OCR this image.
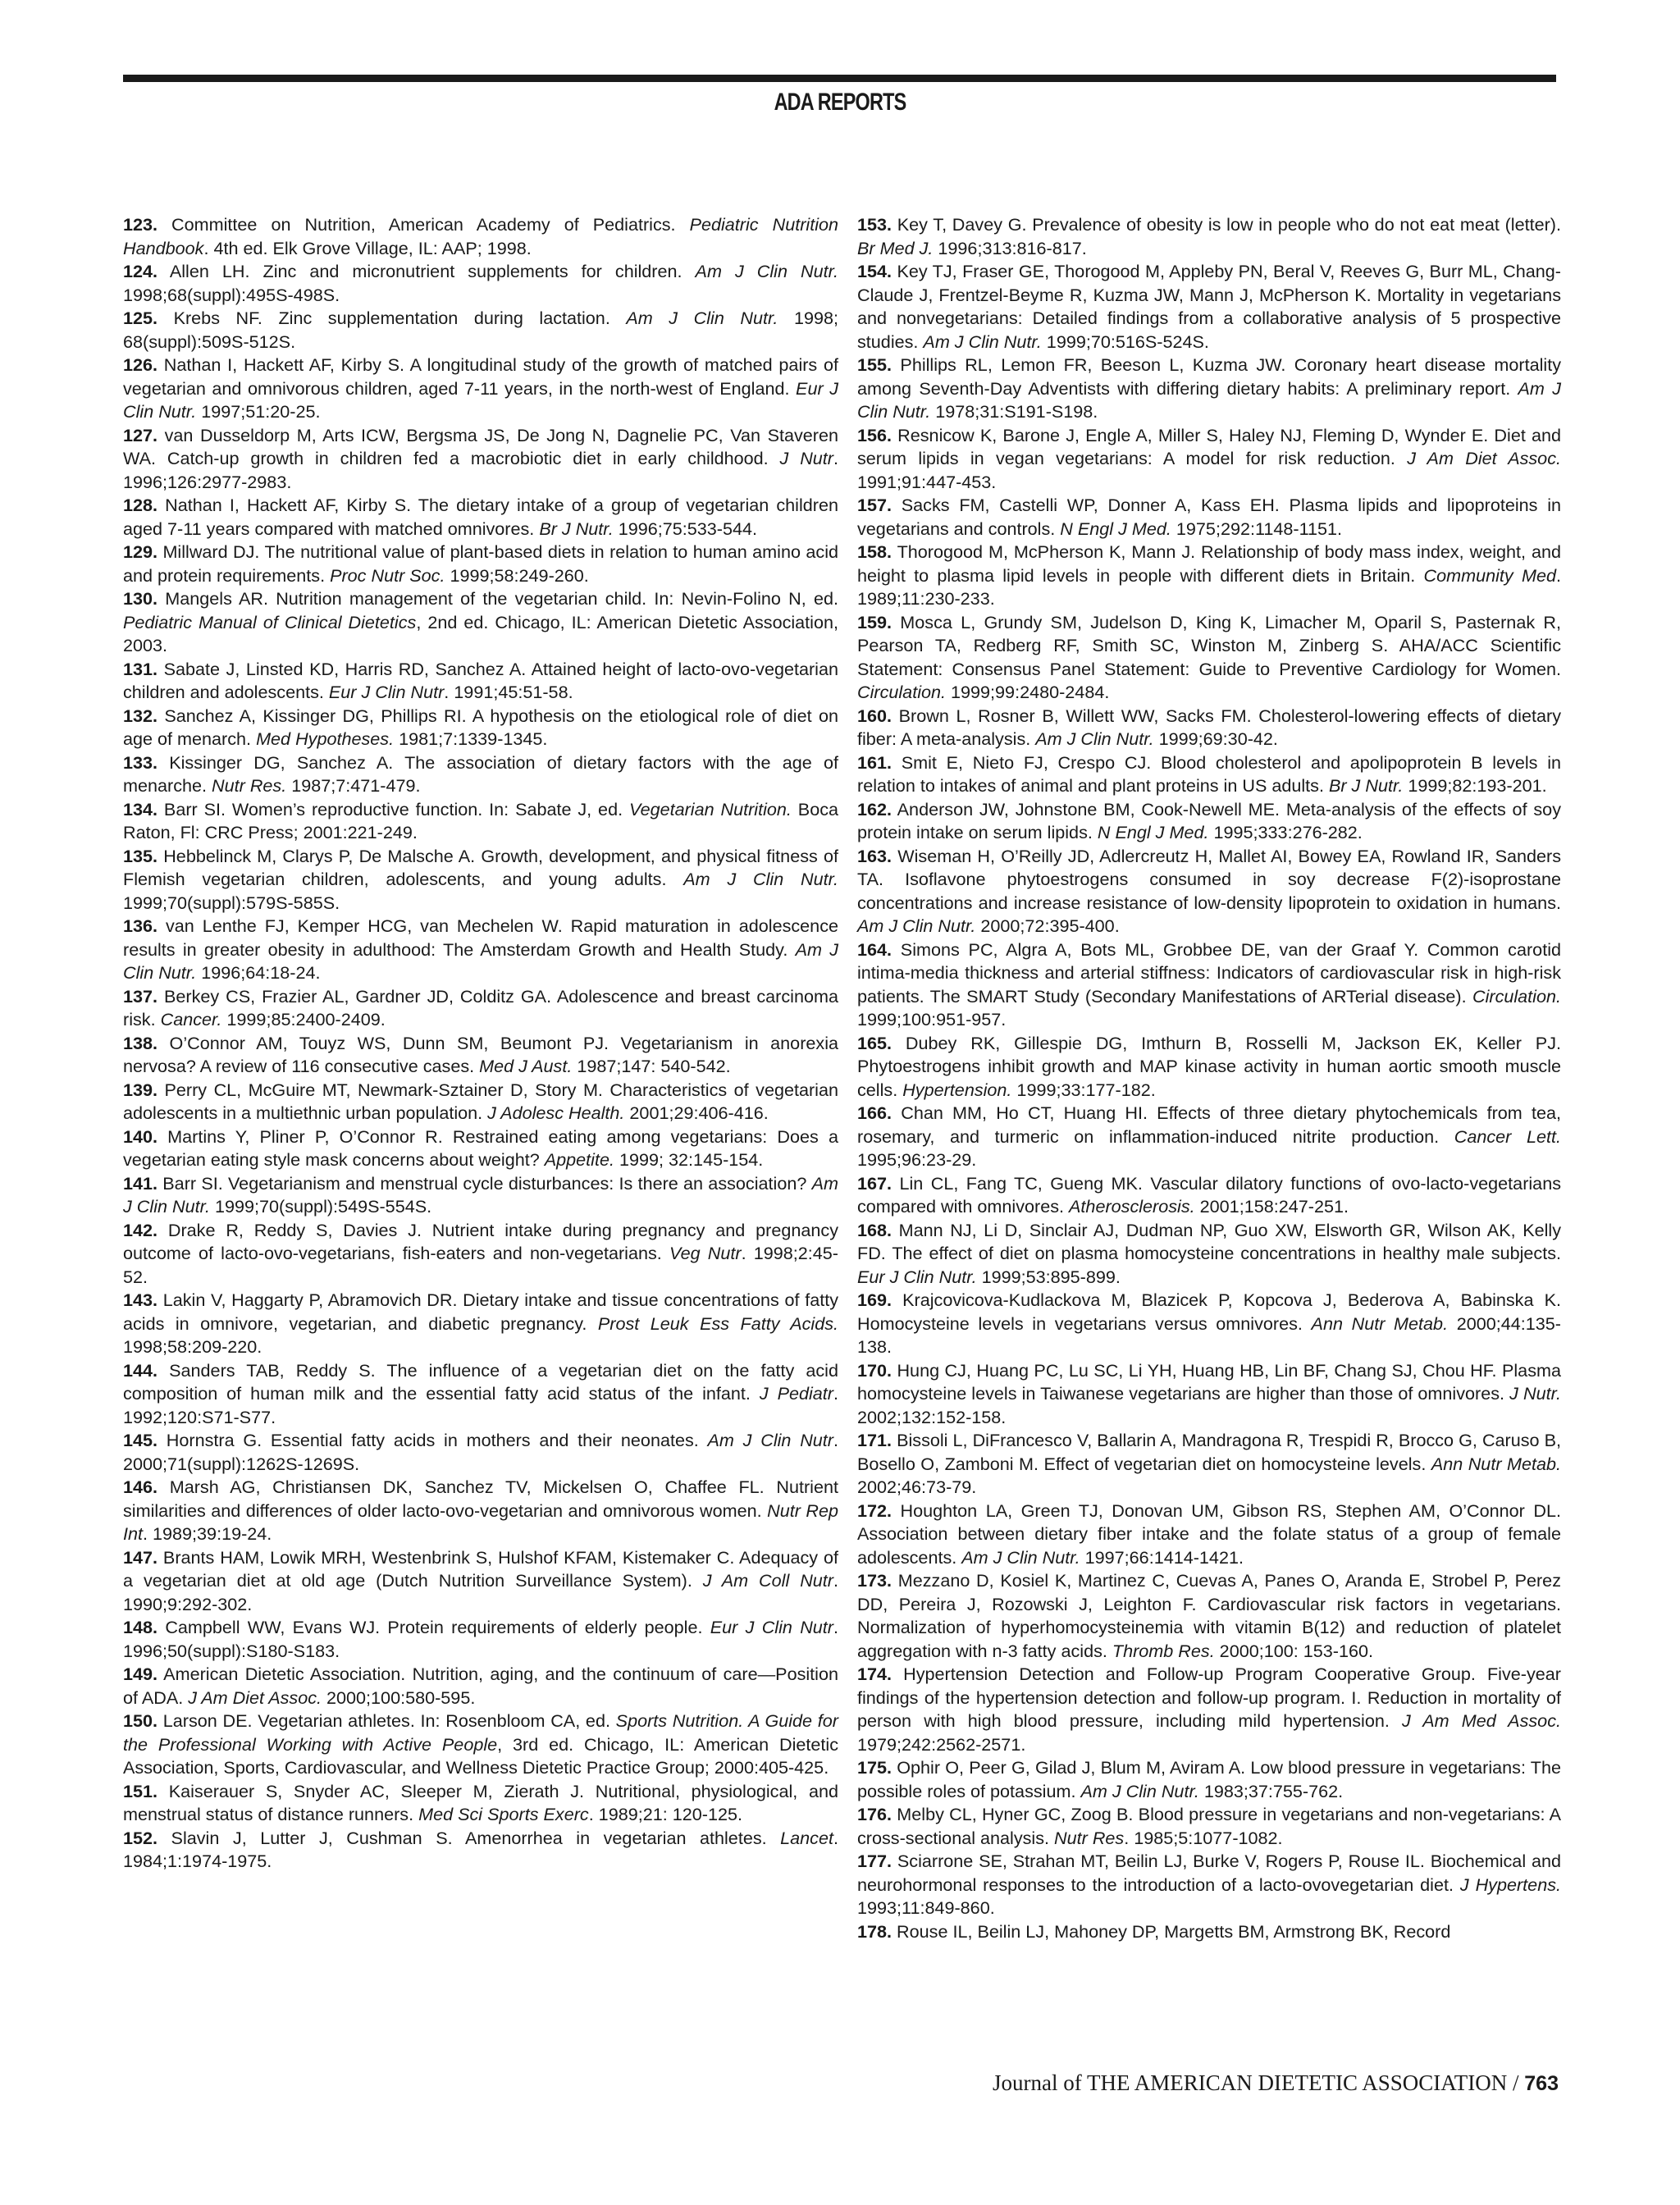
ADA REPORTS

123. Committee on Nutrition, American Academy of Pediatrics. Pediatric Nutrition Handbook. 4th ed. Elk Grove Village, IL: AAP; 1998.

124. Allen LH. Zinc and micronutrient supplements for children. Am J Clin Nutr. 1998;68(suppl):495S-498S.

125. Krebs NF. Zinc supplementation during lactation. Am J Clin Nutr. 1998; 68(suppl):509S-512S.

126. Nathan I, Hackett AF, Kirby S. A longitudinal study of the growth of matched pairs of vegetarian and omnivorous children, aged 7-11 years, in the north-west of England. Eur J Clin Nutr. 1997;51:20-25.

127. van Dusseldorp M, Arts ICW, Bergsma JS, De Jong N, Dagnelie PC, Van Staveren WA. Catch-up growth in children fed a macrobiotic diet in early childhood. J Nutr. 1996;126:2977-2983.

128. Nathan I, Hackett AF, Kirby S. The dietary intake of a group of vegetarian children aged 7-11 years compared with matched omnivores. Br J Nutr. 1996;75:533-544.

129. Millward DJ. The nutritional value of plant-based diets in relation to human amino acid and protein requirements. Proc Nutr Soc. 1999;58:249-260.

130. Mangels AR. Nutrition management of the vegetarian child. In: Nevin-Folino N, ed. Pediatric Manual of Clinical Dietetics, 2nd ed. Chicago, IL: American Dietetic Association, 2003.

131. Sabate J, Linsted KD, Harris RD, Sanchez A. Attained height of lacto-ovo-vegetarian children and adolescents. Eur J Clin Nutr. 1991;45:51-58.

132. Sanchez A, Kissinger DG, Phillips RI. A hypothesis on the etiological role of diet on age of menarch. Med Hypotheses. 1981;7:1339-1345.

133. Kissinger DG, Sanchez A. The association of dietary factors with the age of menarche. Nutr Res. 1987;7:471-479.

134. Barr SI. Women’s reproductive function. In: Sabate J, ed. Vegetarian Nutrition. Boca Raton, Fl: CRC Press; 2001:221-249.

135. Hebbelinck M, Clarys P, De Malsche A. Growth, development, and physical fitness of Flemish vegetarian children, adolescents, and young adults. Am J Clin Nutr. 1999;70(suppl):579S-585S.

136. van Lenthe FJ, Kemper HCG, van Mechelen W. Rapid maturation in adolescence results in greater obesity in adulthood: The Amsterdam Growth and Health Study. Am J Clin Nutr. 1996;64:18-24.

137. Berkey CS, Frazier AL, Gardner JD, Colditz GA. Adolescence and breast carcinoma risk. Cancer. 1999;85:2400-2409.

138. O’Connor AM, Touyz WS, Dunn SM, Beumont PJ. Vegetarianism in anorexia nervosa? A review of 116 consecutive cases. Med J Aust. 1987;147: 540-542.

139. Perry CL, McGuire MT, Newmark-Sztainer D, Story M. Characteristics of vegetarian adolescents in a multiethnic urban population. J Adolesc Health. 2001;29:406-416.

140. Martins Y, Pliner P, O’Connor R. Restrained eating among vegetarians: Does a vegetarian eating style mask concerns about weight? Appetite. 1999; 32:145-154.

141. Barr SI. Vegetarianism and menstrual cycle disturbances: Is there an association? Am J Clin Nutr. 1999;70(suppl):549S-554S.

142. Drake R, Reddy S, Davies J. Nutrient intake during pregnancy and pregnancy outcome of lacto-ovo-vegetarians, fish-eaters and non-vegetarians. Veg Nutr. 1998;2:45-52.

143. Lakin V, Haggarty P, Abramovich DR. Dietary intake and tissue concentrations of fatty acids in omnivore, vegetarian, and diabetic pregnancy. Prost Leuk Ess Fatty Acids. 1998;58:209-220.

144. Sanders TAB, Reddy S. The influence of a vegetarian diet on the fatty acid composition of human milk and the essential fatty acid status of the infant. J Pediatr. 1992;120:S71-S77.

145. Hornstra G. Essential fatty acids in mothers and their neonates. Am J Clin Nutr. 2000;71(suppl):1262S-1269S.

146. Marsh AG, Christiansen DK, Sanchez TV, Mickelsen O, Chaffee FL. Nutrient similarities and differences of older lacto-ovo-vegetarian and omnivorous women. Nutr Rep Int. 1989;39:19-24.

147. Brants HAM, Lowik MRH, Westenbrink S, Hulshof KFAM, Kistemaker C. Adequacy of a vegetarian diet at old age (Dutch Nutrition Surveillance System). J Am Coll Nutr. 1990;9:292-302.

148. Campbell WW, Evans WJ. Protein requirements of elderly people. Eur J Clin Nutr. 1996;50(suppl):S180-S183.

149. American Dietetic Association. Nutrition, aging, and the continuum of care—Position of ADA. J Am Diet Assoc. 2000;100:580-595.

150. Larson DE. Vegetarian athletes. In: Rosenbloom CA, ed. Sports Nutrition. A Guide for the Professional Working with Active People, 3rd ed. Chicago, IL: American Dietetic Association, Sports, Cardiovascular, and Wellness Dietetic Practice Group; 2000:405-425.

151. Kaiserauer S, Snyder AC, Sleeper M, Zierath J. Nutritional, physiological, and menstrual status of distance runners. Med Sci Sports Exerc. 1989;21: 120-125.

152. Slavin J, Lutter J, Cushman S. Amenorrhea in vegetarian athletes. Lancet. 1984;1:1974-1975.

153. Key T, Davey G. Prevalence of obesity is low in people who do not eat meat (letter). Br Med J. 1996;313:816-817.

154. Key TJ, Fraser GE, Thorogood M, Appleby PN, Beral V, Reeves G, Burr ML, Chang-Claude J, Frentzel-Beyme R, Kuzma JW, Mann J, McPherson K. Mortality in vegetarians and nonvegetarians: Detailed findings from a collaborative analysis of 5 prospective studies. Am J Clin Nutr. 1999;70:516S-524S.

155. Phillips RL, Lemon FR, Beeson L, Kuzma JW. Coronary heart disease mortality among Seventh-Day Adventists with differing dietary habits: A preliminary report. Am J Clin Nutr. 1978;31:S191-S198.

156. Resnicow K, Barone J, Engle A, Miller S, Haley NJ, Fleming D, Wynder E. Diet and serum lipids in vegan vegetarians: A model for risk reduction. J Am Diet Assoc. 1991;91:447-453.

157. Sacks FM, Castelli WP, Donner A, Kass EH. Plasma lipids and lipoproteins in vegetarians and controls. N Engl J Med. 1975;292:1148-1151.

158. Thorogood M, McPherson K, Mann J. Relationship of body mass index, weight, and height to plasma lipid levels in people with different diets in Britain. Community Med. 1989;11:230-233.

159. Mosca L, Grundy SM, Judelson D, King K, Limacher M, Oparil S, Pasternak R, Pearson TA, Redberg RF, Smith SC, Winston M, Zinberg S. AHA/ACC Scientific Statement: Consensus Panel Statement: Guide to Preventive Cardiology for Women. Circulation. 1999;99:2480-2484.

160. Brown L, Rosner B, Willett WW, Sacks FM. Cholesterol-lowering effects of dietary fiber: A meta-analysis. Am J Clin Nutr. 1999;69:30-42.

161. Smit E, Nieto FJ, Crespo CJ. Blood cholesterol and apolipoprotein B levels in relation to intakes of animal and plant proteins in US adults. Br J Nutr. 1999;82:193-201.

162. Anderson JW, Johnstone BM, Cook-Newell ME. Meta-analysis of the effects of soy protein intake on serum lipids. N Engl J Med. 1995;333:276-282.

163. Wiseman H, O’Reilly JD, Adlercreutz H, Mallet AI, Bowey EA, Rowland IR, Sanders TA. Isoflavone phytoestrogens consumed in soy decrease F(2)-isoprostane concentrations and increase resistance of low-density lipoprotein to oxidation in humans. Am J Clin Nutr. 2000;72:395-400.

164. Simons PC, Algra A, Bots ML, Grobbee DE, van der Graaf Y. Common carotid intima-media thickness and arterial stiffness: Indicators of cardiovascular risk in high-risk patients. The SMART Study (Secondary Manifestations of ARTerial disease). Circulation. 1999;100:951-957.

165. Dubey RK, Gillespie DG, Imthurn B, Rosselli M, Jackson EK, Keller PJ. Phytoestrogens inhibit growth and MAP kinase activity in human aortic smooth muscle cells. Hypertension. 1999;33:177-182.

166. Chan MM, Ho CT, Huang HI. Effects of three dietary phytochemicals from tea, rosemary, and turmeric on inflammation-induced nitrite production. Cancer Lett. 1995;96:23-29.

167. Lin CL, Fang TC, Gueng MK. Vascular dilatory functions of ovo-lacto-vegetarians compared with omnivores. Atherosclerosis. 2001;158:247-251.

168. Mann NJ, Li D, Sinclair AJ, Dudman NP, Guo XW, Elsworth GR, Wilson AK, Kelly FD. The effect of diet on plasma homocysteine concentrations in healthy male subjects. Eur J Clin Nutr. 1999;53:895-899.

169. Krajcovicova-Kudlackova M, Blazicek P, Kopcova J, Bederova A, Babinska K. Homocysteine levels in vegetarians versus omnivores. Ann Nutr Metab. 2000;44:135-138.

170. Hung CJ, Huang PC, Lu SC, Li YH, Huang HB, Lin BF, Chang SJ, Chou HF. Plasma homocysteine levels in Taiwanese vegetarians are higher than those of omnivores. J Nutr. 2002;132:152-158.

171. Bissoli L, DiFrancesco V, Ballarin A, Mandragona R, Trespidi R, Brocco G, Caruso B, Bosello O, Zamboni M. Effect of vegetarian diet on homocysteine levels. Ann Nutr Metab. 2002;46:73-79.

172. Houghton LA, Green TJ, Donovan UM, Gibson RS, Stephen AM, O’Connor DL. Association between dietary fiber intake and the folate status of a group of female adolescents. Am J Clin Nutr. 1997;66:1414-1421.

173. Mezzano D, Kosiel K, Martinez C, Cuevas A, Panes O, Aranda E, Strobel P, Perez DD, Pereira J, Rozowski J, Leighton F. Cardiovascular risk factors in vegetarians. Normalization of hyperhomocysteinemia with vitamin B(12) and reduction of platelet aggregation with n-3 fatty acids. Thromb Res. 2000;100: 153-160.

174. Hypertension Detection and Follow-up Program Cooperative Group. Five-year findings of the hypertension detection and follow-up program. I. Reduction in mortality of person with high blood pressure, including mild hypertension. J Am Med Assoc. 1979;242:2562-2571.

175. Ophir O, Peer G, Gilad J, Blum M, Aviram A. Low blood pressure in vegetarians: The possible roles of potassium. Am J Clin Nutr. 1983;37:755-762.

176. Melby CL, Hyner GC, Zoog B. Blood pressure in vegetarians and non-vegetarians: A cross-sectional analysis. Nutr Res. 1985;5:1077-1082.

177. Sciarrone SE, Strahan MT, Beilin LJ, Burke V, Rogers P, Rouse IL. Biochemical and neurohormonal responses to the introduction of a lacto-ovovegetarian diet. J Hypertens. 1993;11:849-860.

178. Rouse IL, Beilin LJ, Mahoney DP, Margetts BM, Armstrong BK, Record

Journal of THE AMERICAN DIETETIC ASSOCIATION / 763
